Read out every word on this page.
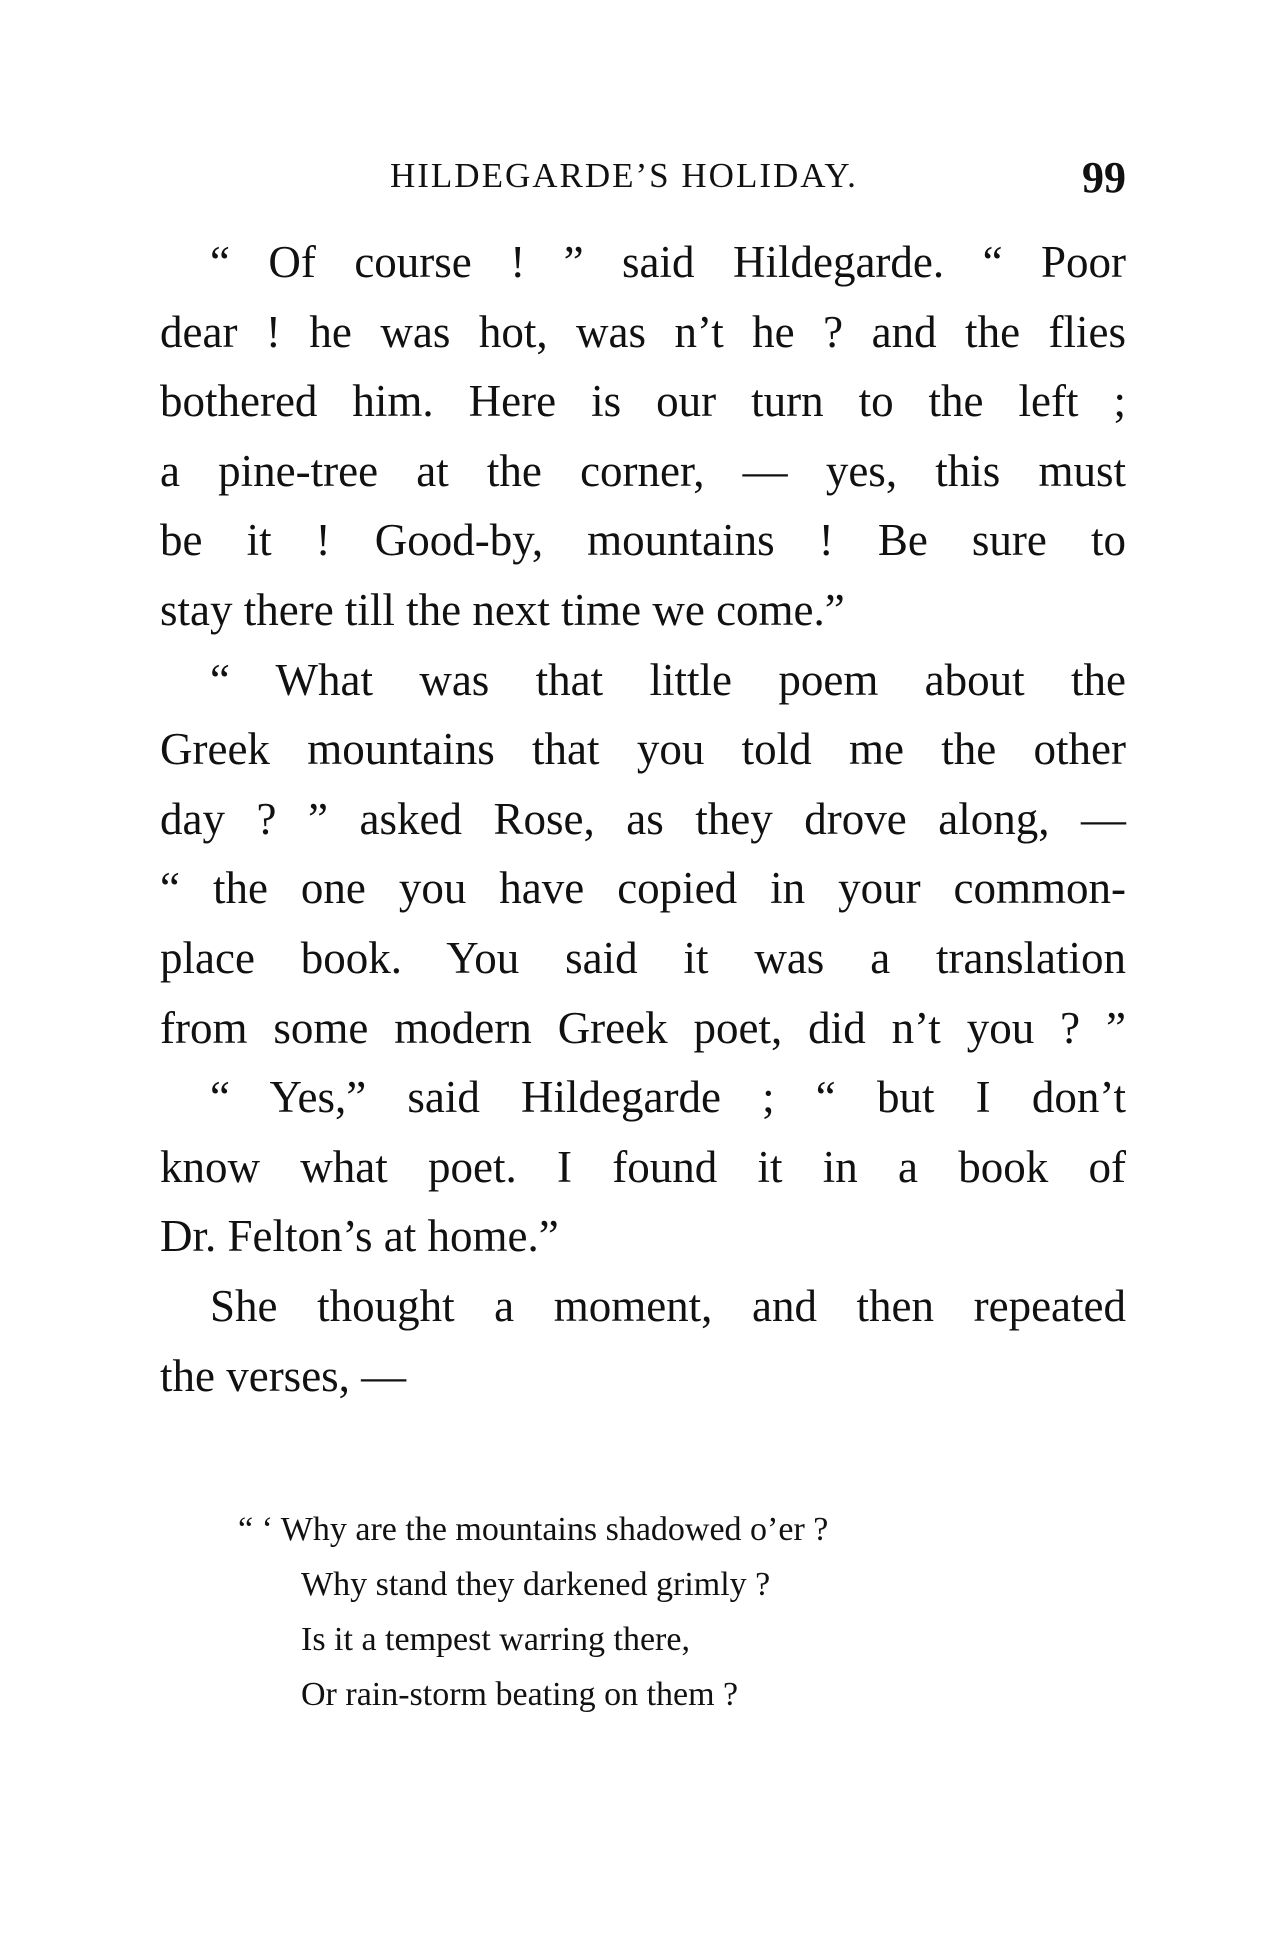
HILDEGARDE’S HOLIDAY.	99
“ Of course ! ” said Hildegarde. “ Poor
dear ! he was hot, was n’t he ? and the flies
bothered him. Here is our turn to the left ;
a pine-tree at the corner, — yes, this must
be it ! Good-by, mountains ! Be sure to
stay there till the next time we come.”
“ What was that little poem about the
Greek mountains that you told me the other
day ? ” asked Rose, as they drove along, —
“ the one you have copied in your common-
place book. You said it was a translation
from some modern Greek poet, did n’t you ? ”
“ Yes,” said Hildegarde ; “ but I don’t
know what poet. I found it in a book of
Dr. Felton’s at home.”
She thought a moment, and then repeated
the verses, —
“ ‘ Why are the mountains shadowed o’er ?
Why stand they darkened grimly ?
Is it a tempest warring there,
Or rain-storm beating on them ?
